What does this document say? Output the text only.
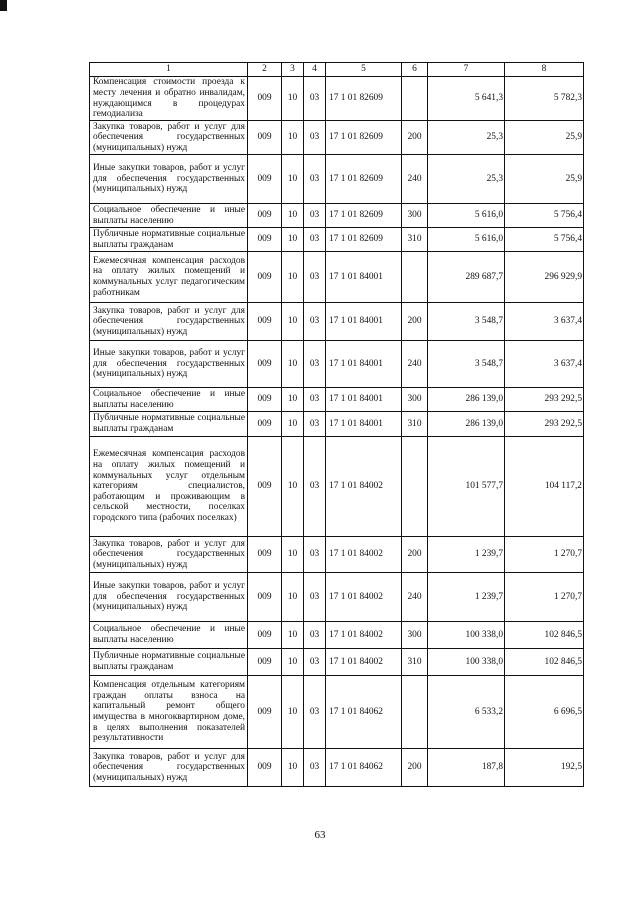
1	2	3	4	5	6	7	8
Компенсация стоимости проезда к месту лечения и обратно инвалидам, нуждающимся в процедурах гемодиализа	009	10	03	17 1 01 82609		5 641,3	5 782,3
Закупка товаров, работ и услуг для обеспечения государственных (муниципальных) нужд	009	10	03	17 1 01 82609	200	25,3	25,9
Иные закупки товаров, работ и услуг для обеспечения государственных (муниципальных) нужд	009	10	03	17 1 01 82609	240	25,3	25,9
Социальное обеспечение и иные выплаты населению	009	10	03	17 1 01 82609	300	5 616,0	5 756,4
Публичные нормативные социальные выплаты гражданам	009	10	03	17 1 01 82609	310	5 616,0	5 756,4
Ежемесячная компенсация расходов на оплату жилых помещений и коммунальных услуг педагогическим работникам	009	10	03	17 1 01 84001		289 687,7	296 929,9
Закупка товаров, работ и услуг для обеспечения государственных (муниципальных) нужд	009	10	03	17 1 01 84001	200	3 548,7	3 637,4
Иные закупки товаров, работ и услуг для обеспечения государственных (муниципальных) нужд	009	10	03	17 1 01 84001	240	3 548,7	3 637,4
Социальное обеспечение и иные выплаты населению	009	10	03	17 1 01 84001	300	286 139,0	293 292,5
Публичные нормативные социальные выплаты гражданам	009	10	03	17 1 01 84001	310	286 139,0	293 292,5
Ежемесячная компенсация расходов на оплату жилых помещений и коммунальных услуг отдельным категориям специалистов, работающим и проживающим в сельской местности, поселках городского типа (рабочих поселках)	009	10	03	17 1 01 84002		101 577,7	104 117,2
Закупка товаров, работ и услуг для обеспечения государственных (муниципальных) нужд	009	10	03	17 1 01 84002	200	1 239,7	1 270,7
Иные закупки товаров, работ и услуг для обеспечения государственных (муниципальных) нужд	009	10	03	17 1 01 84002	240	1 239,7	1 270,7
Социальное обеспечение и иные выплаты населению	009	10	03	17 1 01 84002	300	100 338,0	102 846,5
Публичные нормативные социальные выплаты гражданам	009	10	03	17 1 01 84002	310	100 338,0	102 846,5
Компенсация отдельным категориям граждан оплаты взноса на капитальный ремонт общего имущества в многоквартирном доме, в целях выполнения показателей результативности	009	10	03	17 1 01 84062		6 533,2	6 696,5
Закупка товаров, работ и услуг для обеспечения государственных (муниципальных) нужд	009	10	03	17 1 01 84062	200	187,8	192,5
63
